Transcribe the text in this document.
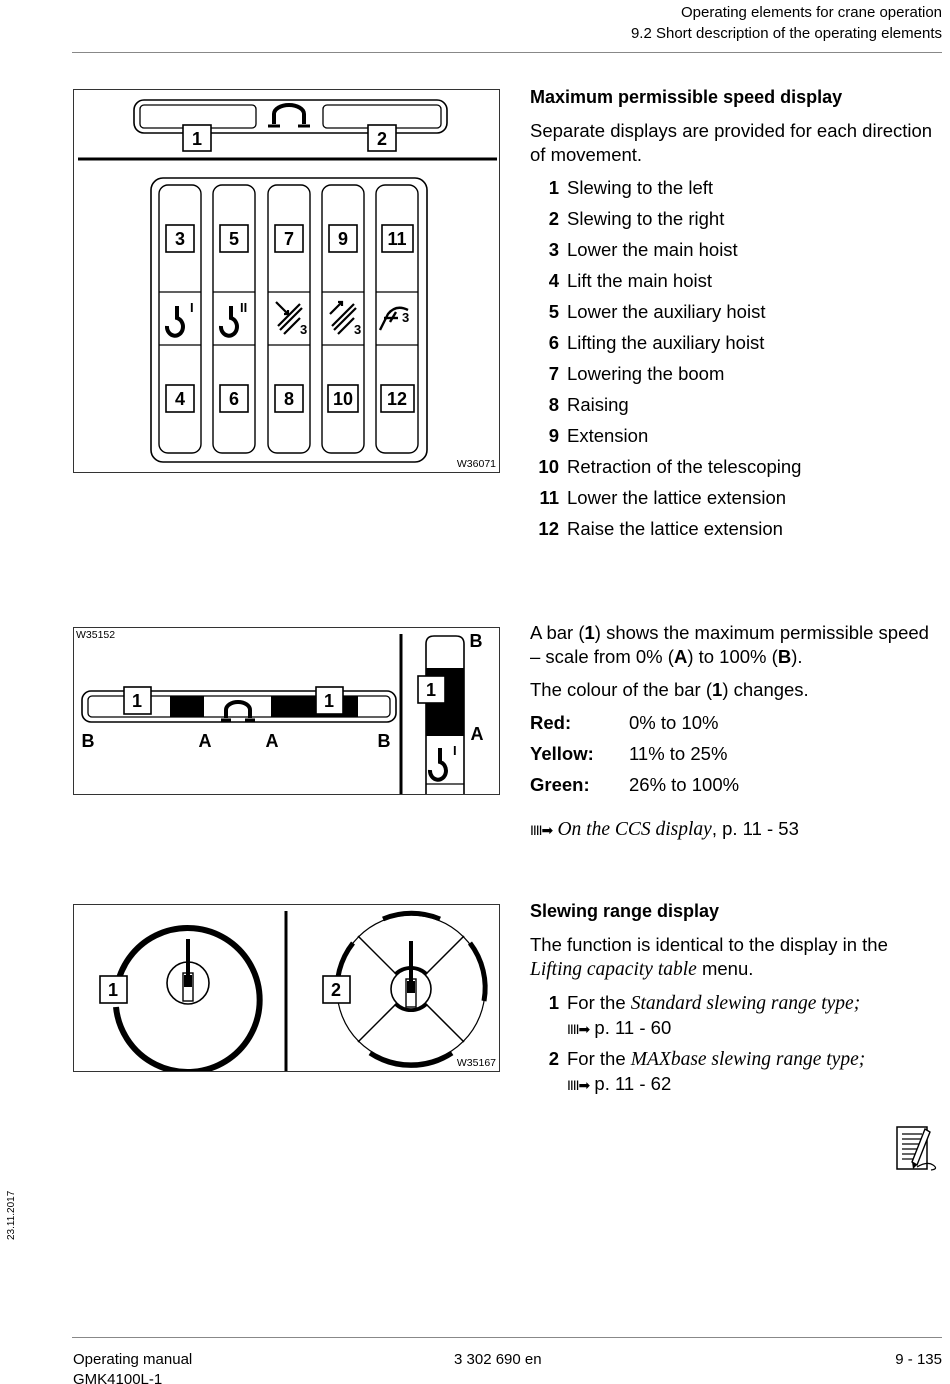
Operating elements for crane operation
9.2 Short description of the operating elements
1	2
3 5 7 9 11
4 6 8 10 12
I	II
3	3
3
W36071
Maximum permissible speed display

Separate displays are provided for each direction of movement.

1 Slewing to the left
2 Slewing to the right
3 Lower the main hoist
4 Lift the main hoist
5 Lower the auxiliary hoist
6 Lifting the auxiliary hoist
7 Lowering the boom
8 Raising
9 Extension
10 Retraction of the telescoping
11 Lower the lattice extension
12 Raise the lattice extension
1	1
B	A	A	B
1
I
B
A
W35152	A bar (1) shows the maximum permissible speed – scale from 0% (A) to 100% (B).

The colour of the bar (1) changes.

Red:	0% to 10%
Yellow:	11% to 25%
Green:	26% to 100%

IIII➡ On the CCS display, p. 11 - 53

1	2
W35167
Slewing range display

The function is identical to the display in the Lifting capacity table menu.

1 For the Standard slewing range type;
IIII➡ p. 11 - 60
2 For the MAXbase slewing range type;
IIII➡ p. 11 - 62
23.11.2017
Operating manual
GMK4100L-1
3 302 690 en	9 - 135
